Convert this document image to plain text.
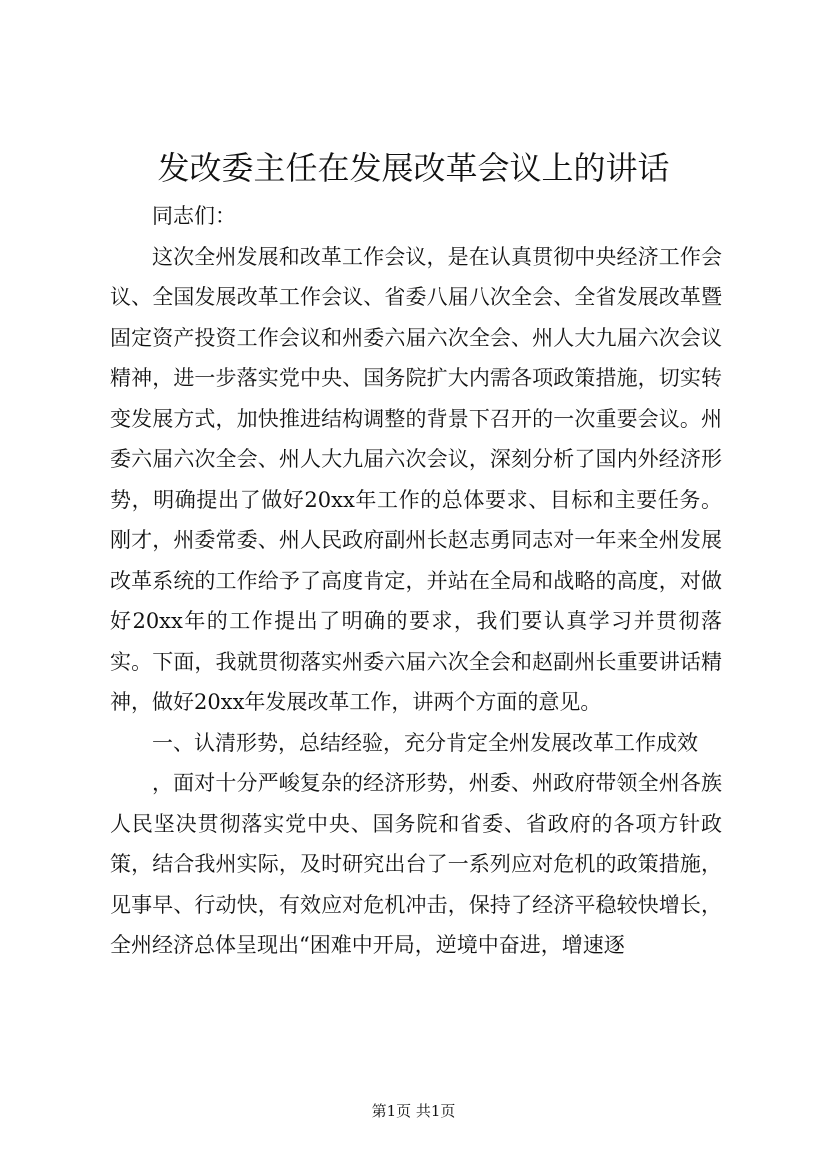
发改委主任在发展改革会议上的讲话

同志们：

这次全州发展和改革工作会议，是在认真贯彻中央经济工作会议、全国发展改革工作会议、省委八届八次全会、全省发展改革暨固定资产投资工作会议和州委六届六次全会、州人大九届六次会议精神，进一步落实党中央、国务院扩大内需各项政策措施，切实转变发展方式，加快推进结构调整的背景下召开的一次重要会议。州委六届六次全会、州人大九届六次会议，深刻分析了国内外经济形势，明确提出了做好20xx年工作的总体要求、目标和主要任务。刚才，州委常委、州人民政府副州长赵志勇同志对一年来全州发展改革系统的工作给予了高度肯定，并站在全局和战略的高度，对做好20xx年的工作提出了明确的要求，我们要认真学习并贯彻落实。下面，我就贯彻落实州委六届六次全会和赵副州长重要讲话精神，做好20xx年发展改革工作，讲两个方面的意见。

一、认清形势，总结经验，充分肯定全州发展改革工作成效

，面对十分严峻复杂的经济形势，州委、州政府带领全州各族人民坚决贯彻落实党中央、国务院和省委、省政府的各项方针政策，结合我州实际，及时研究出台了一系列应对危机的政策措施，见事早、行动快，有效应对危机冲击，保持了经济平稳较快增长，全州经济总体呈现出“困难中开局，逆境中奋进，增速逐

第1页 共1页
